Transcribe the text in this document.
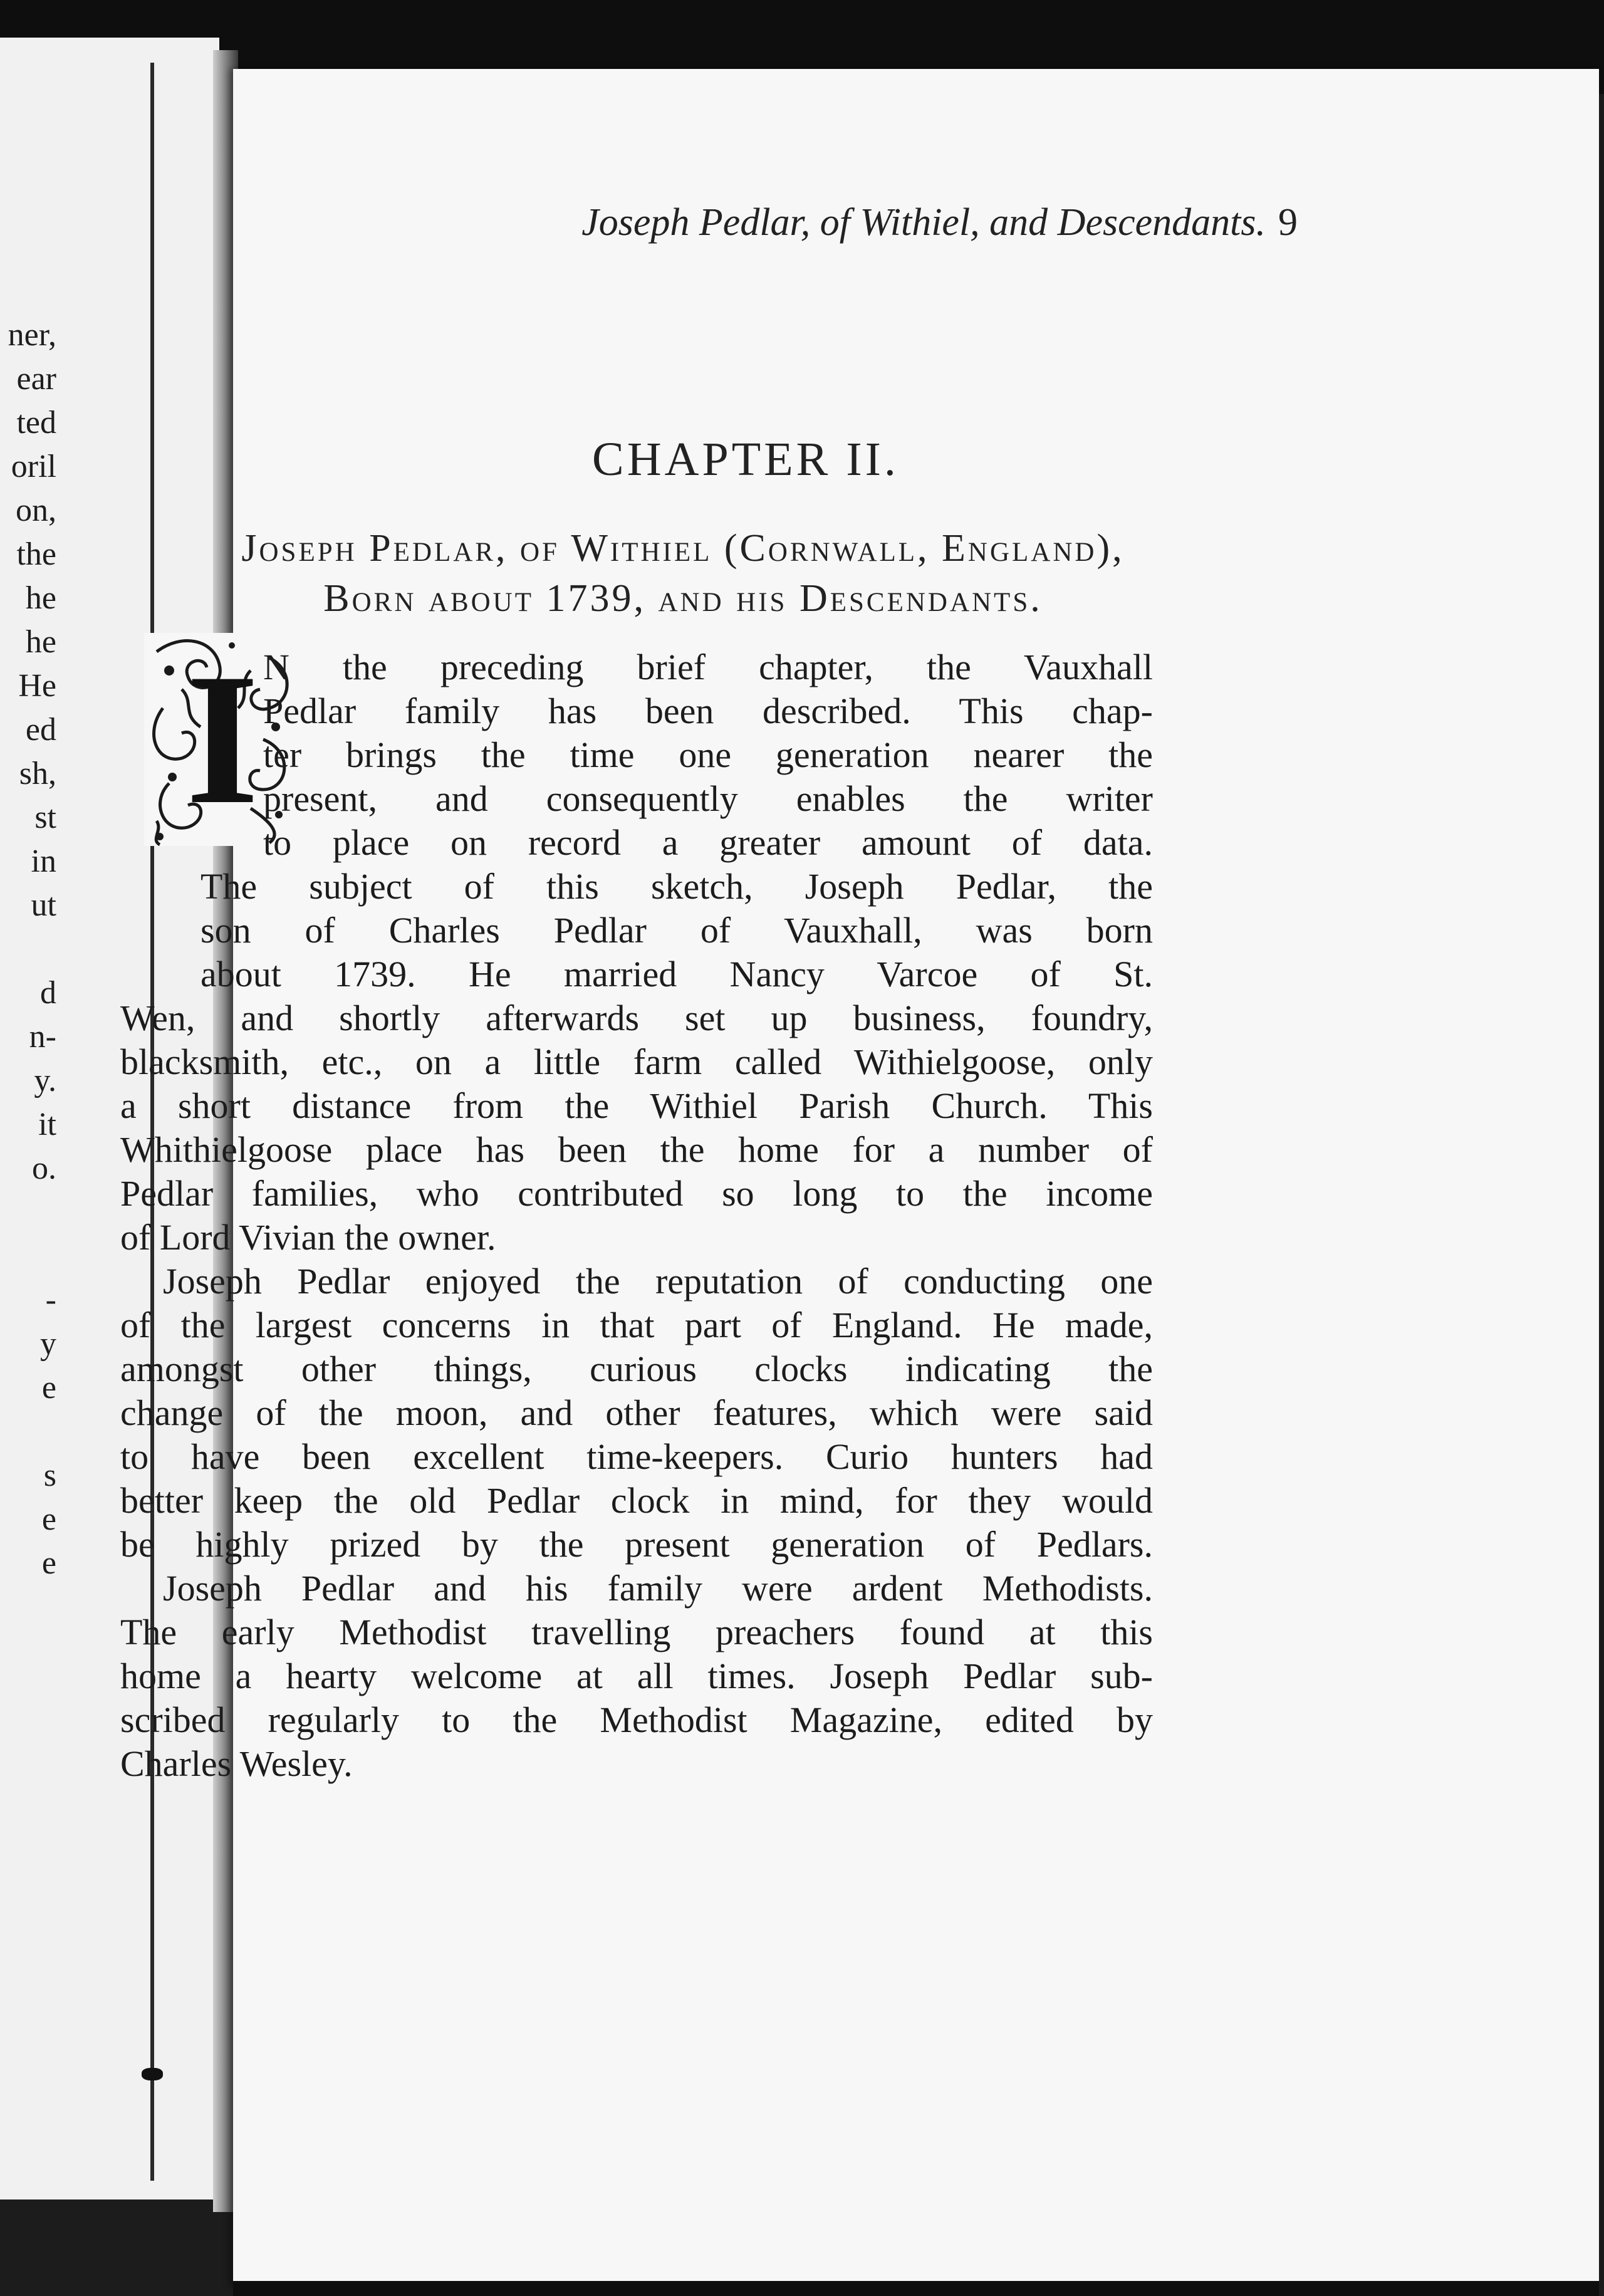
ner,
ear
ted
oril
on,
the
he
he
He
ed
sh,
st
in
ut
d
n-
y.
it
o.
-
y
e
s
e
e
Joseph Pedlar, of Withiel, and Descendants. 9
CHAPTER II.
Joseph Pedlar, of Withiel (Cornwall, England),
Born about 1739, and his Descendants.
I N the preceding brief chapter, the Vauxhall
Pedlar family has been described. This chap-
ter brings the time one generation nearer the
present, and consequently enables the writer
to place on record a greater amount of data.
The subject of this sketch, Joseph Pedlar, the
son of Charles Pedlar of Vauxhall, was born
about 1739. He married Nancy Varcoe of St.
Wen, and shortly afterwards set up business, foundry,
blacksmith, etc., on a little farm called Withielgoose, only
a short distance from the Withiel Parish Church. This
Whithielgoose place has been the home for a number of
Pedlar families, who contributed so long to the income
of Lord Vivian the owner.
Joseph Pedlar enjoyed the reputation of conducting one
of the largest concerns in that part of England. He made,
amongst other things, curious clocks indicating the
change of the moon, and other features, which were said
to have been excellent time-keepers. Curio hunters had
better keep the old Pedlar clock in mind, for they would
be highly prized by the present generation of Pedlars.
Joseph Pedlar and his family were ardent Methodists.
The early Methodist travelling preachers found at this
home a hearty welcome at all times. Joseph Pedlar sub-
scribed regularly to the Methodist Magazine, edited by
Charles Wesley.
